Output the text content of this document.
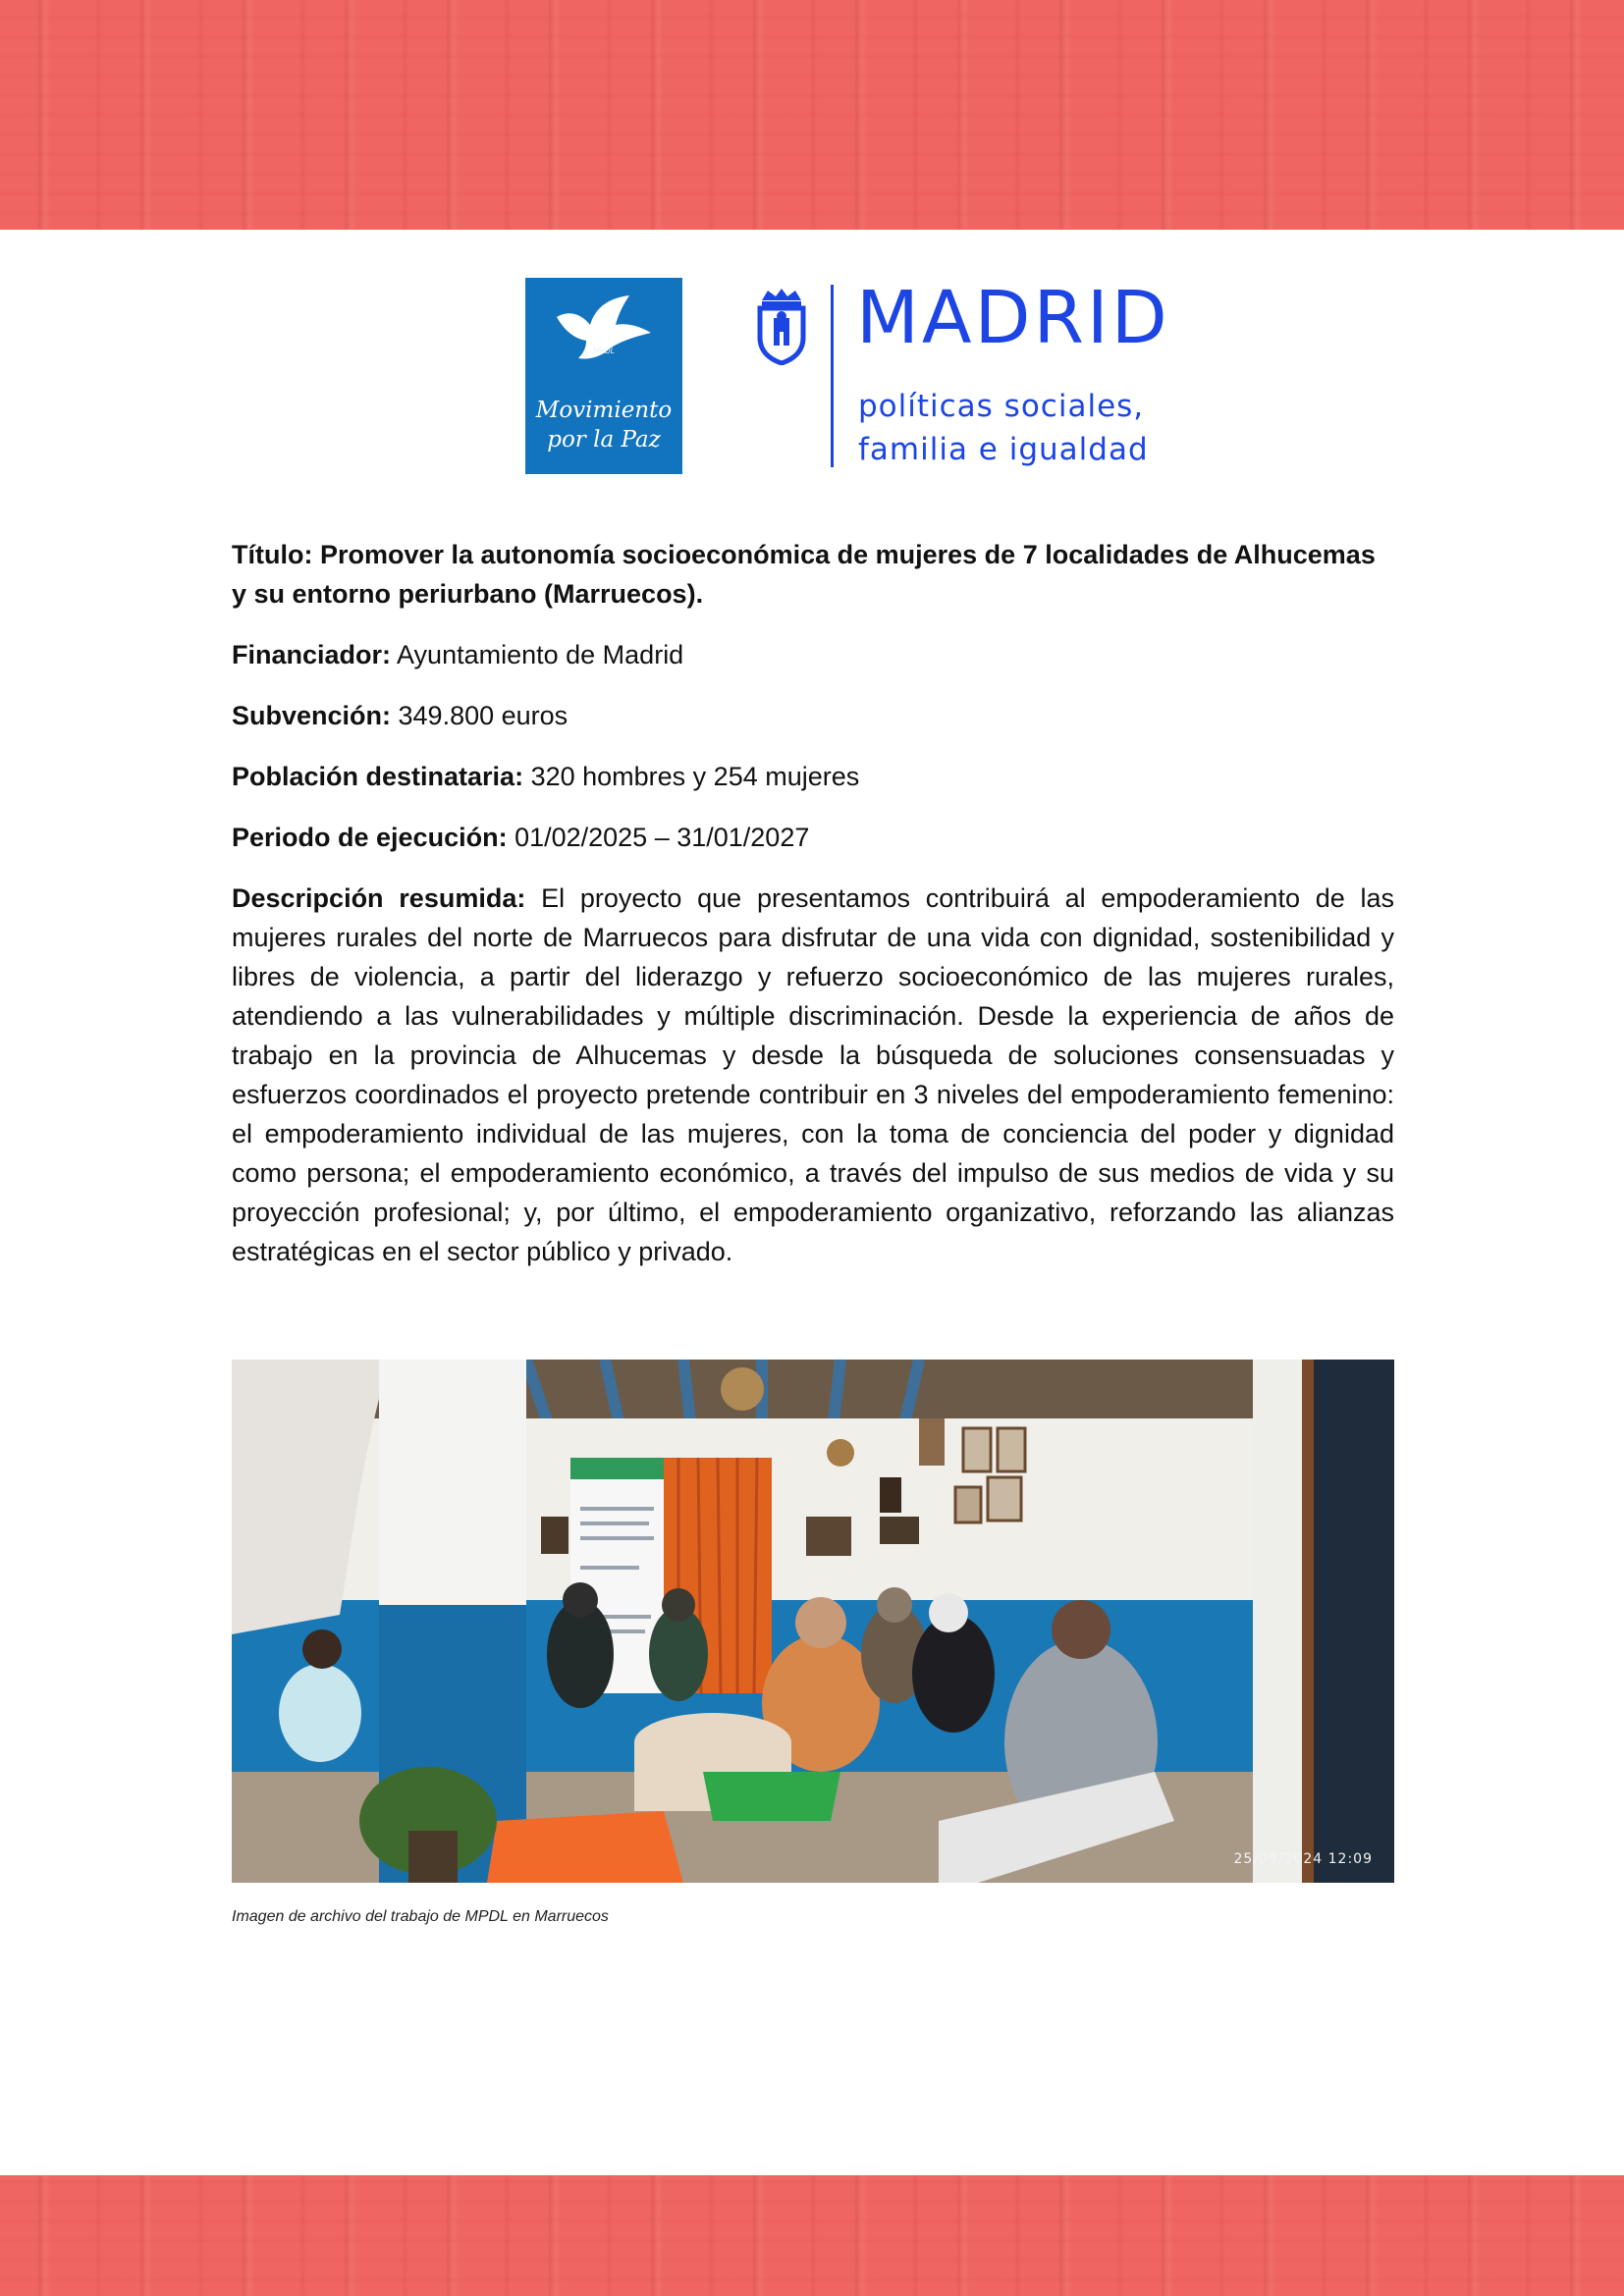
MPDL
Movimiento
por la Paz
MADRID
políticas sociales,
familia e igualdad

Título: Promover la autonomía socioeconómica de mujeres de 7 localidades de Alhucemas y su entorno periurbano (Marruecos).

Financiador: Ayuntamiento de Madrid

Subvención: 349.800 euros

Población destinataria: 320 hombres y 254 mujeres

Periodo de ejecución: 01/02/2025 – 31/01/2027

Descripción resumida: El proyecto que presentamos contribuirá al empoderamiento de las mujeres rurales del norte de Marruecos para disfrutar de una vida con dignidad, sostenibilidad y libres de violencia, a partir del liderazgo y refuerzo socioeconómico de las mujeres rurales, atendiendo a las vulnerabilidades y múltiple discriminación. Desde la experiencia de años de trabajo en la provincia de Alhucemas y desde la búsqueda de soluciones consensuadas y esfuerzos coordinados el proyecto pretende contribuir en 3 niveles del empoderamiento femenino: el empoderamiento individual de las mujeres, con la toma de conciencia del poder y dignidad como persona; el empoderamiento económico, a través del impulso de sus medios de vida y su proyección profesional; y, por último, el empoderamiento organizativo, reforzando las alianzas estratégicas en el sector público y privado.

25/09/2024 12:09
Imagen de archivo del trabajo de MPDL en Marruecos
